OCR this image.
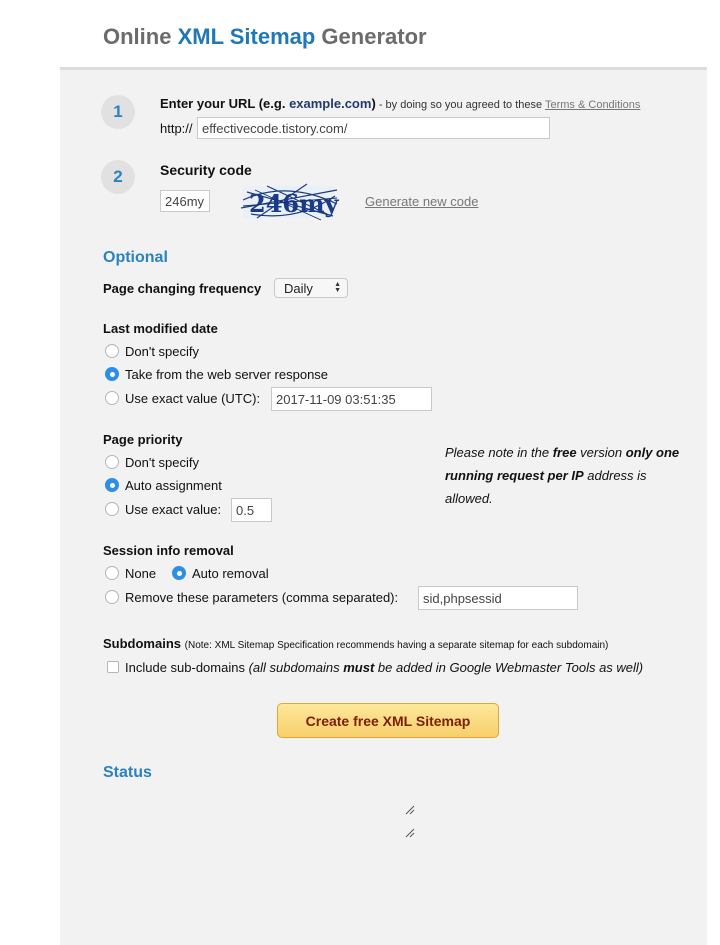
Online XML Sitemap Generator
1	Enter your URL (e.g. example.com) - by doing so you agreed to these Terms & Conditions
http:// effectivecode.tistory.com/
2	Security code
246my 246my Generate new code
Optional
Page changing frequency	Daily	▲
▼
Last modified date
Don't specify
Take from the web server response
Use exact value (UTC):	2017-11-09 03:51:35
Page priority
Don't specify
Auto assignment
Use exact value:	0.5
Please note in the free version only one running request per IP address is allowed.
Session info removal
None	Auto removal
Remove these parameters (comma separated):	sid,phpsessid
Subdomains (Note: XML Sitemap Specification recommends having a separate sitemap for each subdomain)
Include sub-domains (all subdomains must be added in Google Webmaster Tools as well)
Create free XML Sitemap
Status
